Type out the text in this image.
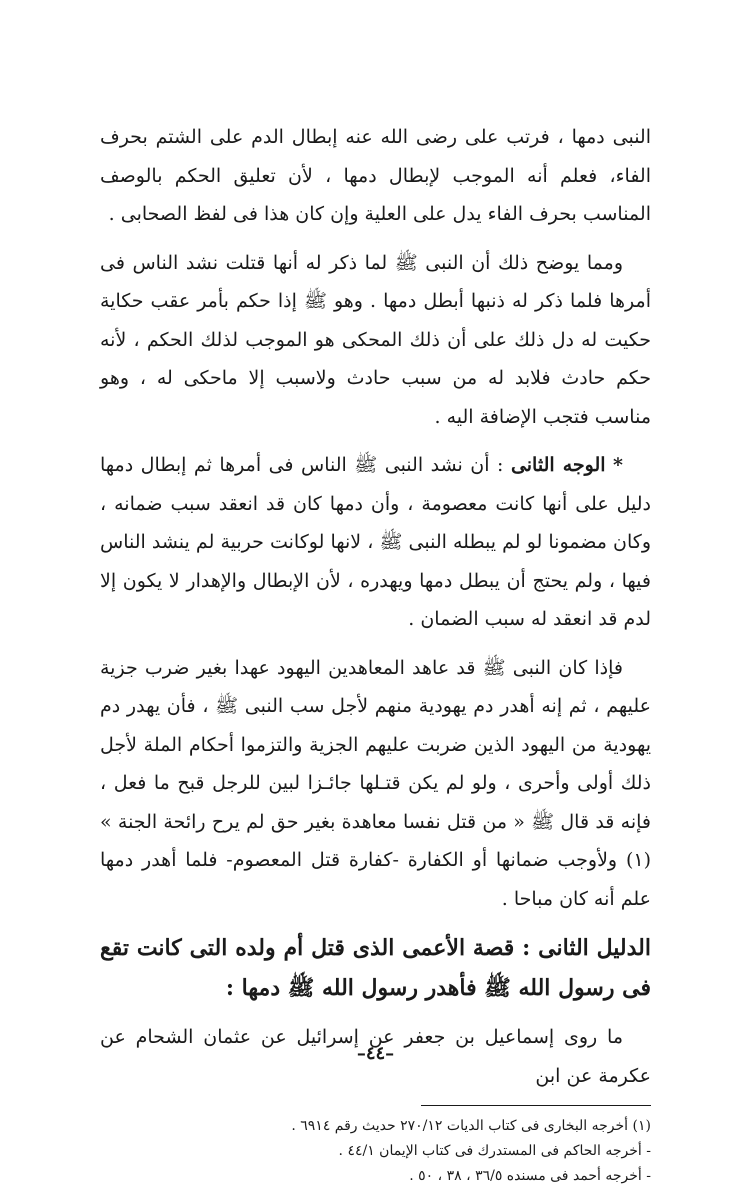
النبى دمها ، فرتب على رضى الله عنه إبطال الدم على الشتم بحرف الفاء، فعلم أنه الموجب لإبطال دمها ، لأن تعليق الحكم بالوصف المناسب بحرف الفاء يدل على العلية وإن كان هذا فى لفظ الصحابى .

ومما يوضح ذلك أن النبى ﷺ لما ذكر له أنها قتلت نشد الناس فى أمرها فلما ذكر له ذنبها أبطل دمها . وهو ﷺ إذا حكم بأمر عقب حكاية حكيت له دل ذلك على أن ذلك المحكى هو الموجب لذلك الحكم ، لأنه حكم حادث فلابد له من سبب حادث ولاسبب إلا ماحكى له ، وهو مناسب فتجب الإضافة اليه .

* الوجه الثانى : أن نشد النبى ﷺ الناس فى أمرها ثم إبطال دمها دليل على أنها كانت معصومة ، وأن دمها كان قد انعقد سبب ضمانه ، وكان مضمونا لو لم يبطله النبى ﷺ ، لانها لوكانت حربية لم ينشد الناس فيها ، ولم يحتج أن يبطل دمها ويهدره ، لأن الإبطال والإهدار لا يكون إلا لدم قد انعقد له سبب الضمان .

فإذا كان النبى ﷺ قد عاهد المعاهدين اليهود عهدا بغير ضرب جزية عليهم ، ثم إنه أهدر دم يهودية منهم لأجل سب النبى ﷺ ، فأن يهدر دم يهودية من اليهود الذين ضربت عليهم الجزية والتزموا أحكام الملة لأجل ذلك أولى وأحرى ، ولو لم يكن قتـلها جائـزا لبين للرجل قبح ما فعل ، فإنه قد قال ﷺ « من قتل نفسا معاهدة بغير حق لم يرح رائحة الجنة » (١) ولأوجب ضمانها أو الكفارة -كفارة قتل المعصوم- فلما أهدر دمها علم أنه كان مباحا .

الدليل الثانى : قصة الأعمى الذى قتل أم ولده التى كانت تقع فى رسول الله ﷺ فأهدر رسول الله ﷺ دمها :

ما روى إسماعيل بن جعفر عن إسرائيل عن عثمان الشحام عن عكرمة عن ابن

(١) أخرجه البخارى فى كتاب الديات ٢٧٠/١٢ حديث رقم ٦٩١٤ .

- أخرجه الحاكم فى المستدرك فى كتاب الإيمان ٤٤/١ .

- أخرجه أحمد فى مسنده ٣٦/٥ ، ٣٨ ، ٥٠ .

–٤٤–
